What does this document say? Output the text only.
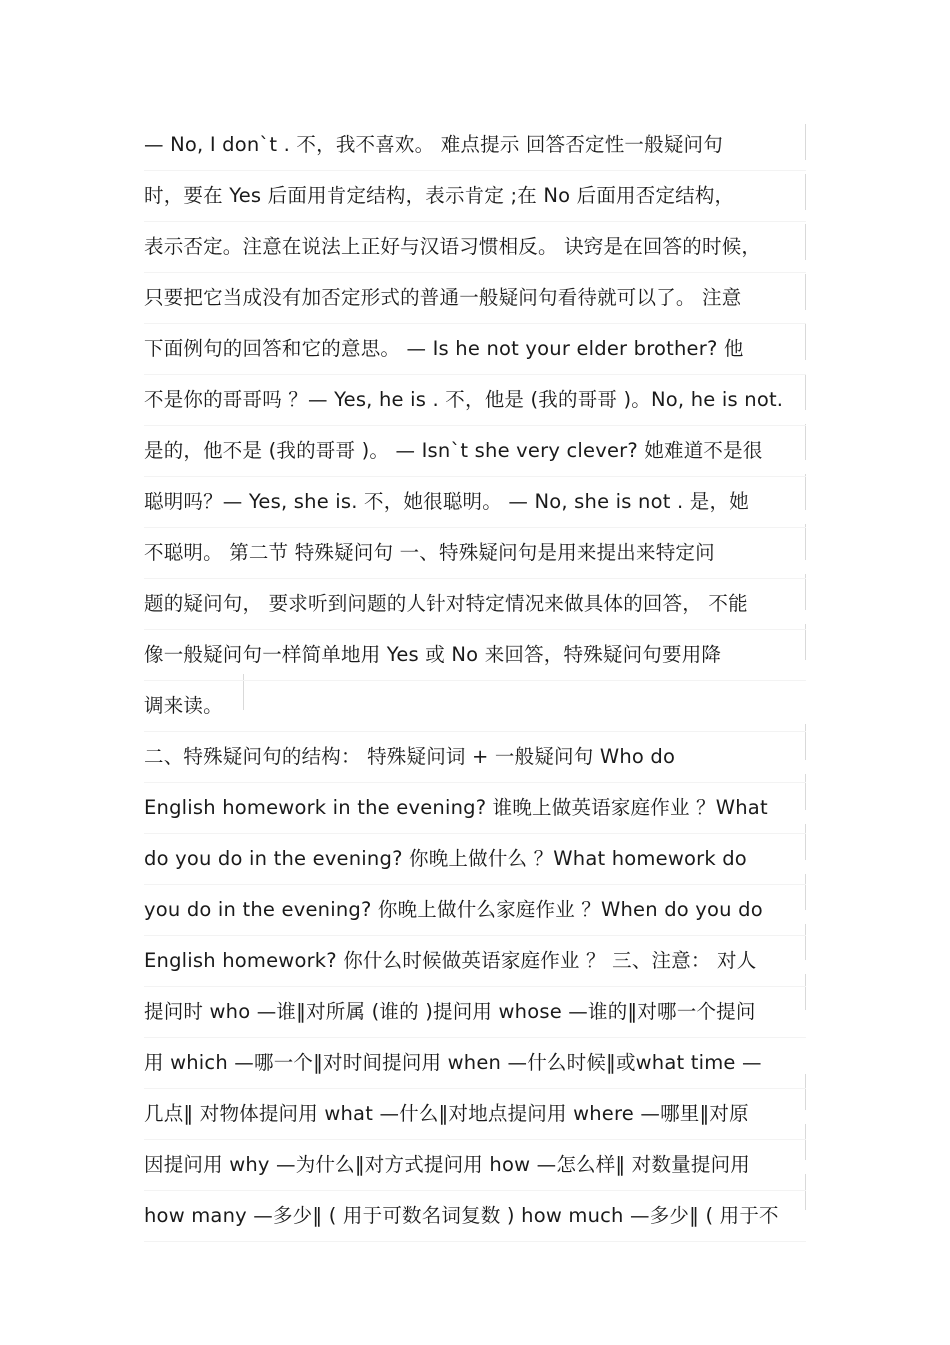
— No, I don`t . 不，我不喜欢。 难点提示 回答否定性一般疑问句
时，要在 Yes 后面用肯定结构，表示肯定 ;在 No 后面用否定结构，
表示否定。注意在说法上正好与汉语习惯相反。 诀窍是在回答的时候，
只要把它当成没有加否定形式的普通一般疑问句看待就可以了。 注意
下面例句的回答和它的意思。 — Is he not your elder brother? 他
不是你的哥哥吗 ？— Yes, he is . 不，他是 (我的哥哥 )。No, he is not.
是的，他不是 (我的哥哥 )。 — Isn`t she very clever? 她难道不是很
聪明吗？— Yes, she is. 不，她很聪明。 — No, she is not . 是，她
不聪明。 第二节 特殊疑问句 一、特殊疑问句是用来提出来特定问
题的疑问句， 要求听到问题的人针对特定情况来做具体的回答， 不能
像一般疑问句一样简单地用 Yes 或 No 来回答，特殊疑问句要用降
调来读。
二、特殊疑问句的结构： 特殊疑问词 + 一般疑问句 Who do
English homework in the evening? 谁晚上做英语家庭作业 ？What
do you do in the evening? 你晚上做什么 ？What homework do
you do in the evening? 你晚上做什么家庭作业 ？When do you do
English homework? 你什么时候做英语家庭作业 ？ 三、注意： 对人
提问时 who —谁‖对所属 (谁的 )提问用 whose —谁的‖对哪一个提问
用 which —哪一个‖对时间提问用 when —什么时候‖或what time —
几点‖ 对物体提问用 what —什么‖对地点提问用 where —哪里‖对原
因提问用 why —为什么‖对方式提问用 how —怎么样‖ 对数量提问用
how many —多少‖ ( 用于可数名词复数 ) how much —多少‖ ( 用于不
